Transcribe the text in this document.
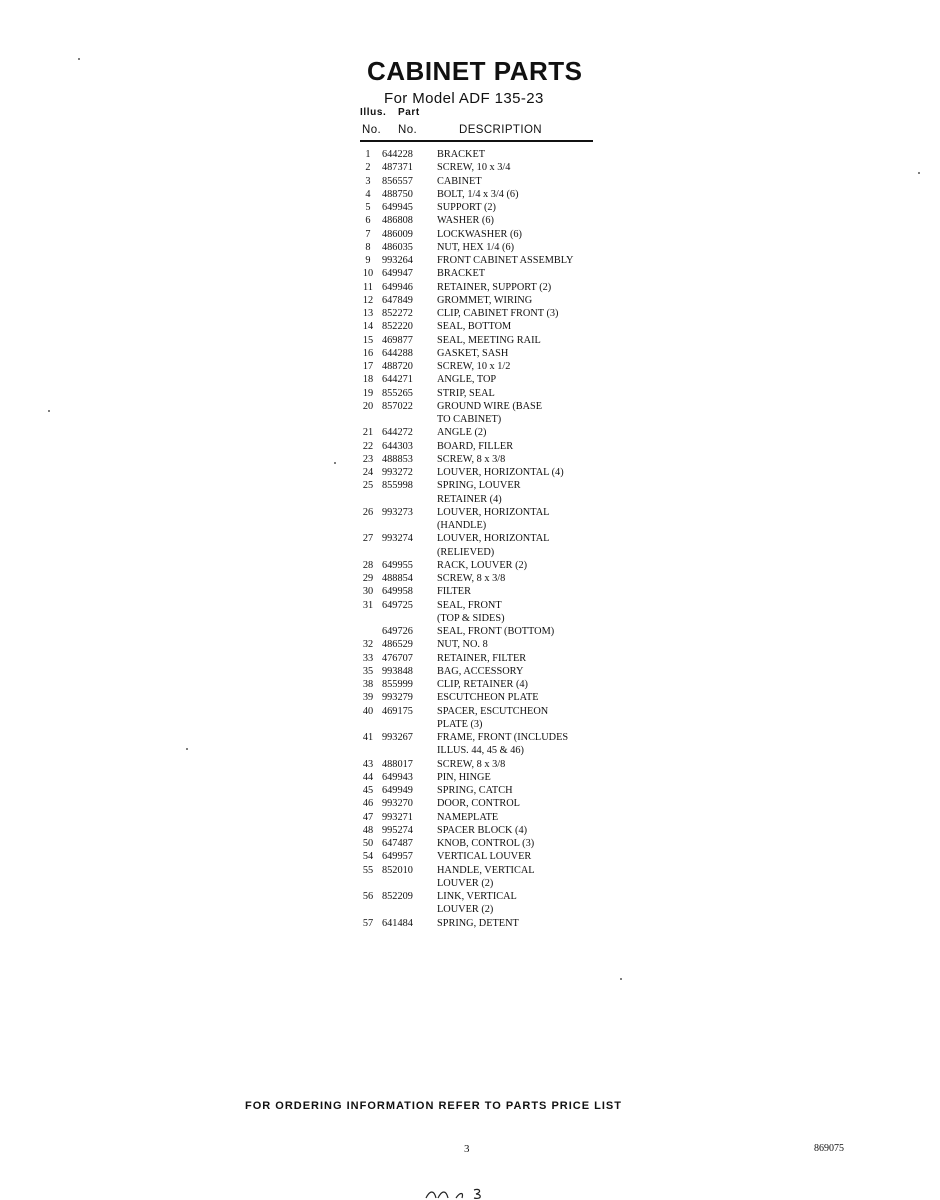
CABINET PARTS
For Model ADF 135-23
Illus. Part
No. No.	DESCRIPTION
1	644228	BRACKET
2	487371	SCREW, 10 x 3/4
3	856557	CABINET
4	488750	BOLT, 1/4 x 3/4 (6)
5	649945	SUPPORT (2)
6	486808	WASHER (6)
7	486009	LOCKWASHER (6)
8	486035	NUT, HEX 1/4 (6)
9	993264	FRONT CABINET ASSEMBLY
10 649947	BRACKET
11 649946	RETAINER, SUPPORT (2)
12 647849	GROMMET, WIRING
13 852272	CLIP, CABINET FRONT (3)
14 852220	SEAL, BOTTOM
15 469877	SEAL, MEETING RAIL
16 644288	GASKET, SASH
17 488720	SCREW, 10 x 1/2
18 644271	ANGLE, TOP
19 855265	STRIP, SEAL
20 857022	GROUND WIRE (BASE
TO CABINET)
21 644272	ANGLE (2)
22 644303	BOARD, FILLER
23 488853	SCREW, 8 x 3/8
24 993272	LOUVER, HORIZONTAL (4)
25 855998	SPRING, LOUVER
RETAINER (4)
26 993273	LOUVER, HORIZONTAL
(HANDLE)
27 993274	LOUVER, HORIZONTAL
(RELIEVED)
28 649955	RACK, LOUVER (2)
29 488854	SCREW, 8 x 3/8
30 649958	FILTER
31 649725	SEAL, FRONT
(TOP & SIDES)
649726	SEAL, FRONT (BOTTOM)
32 486529	NUT, NO. 8
33 476707	RETAINER, FILTER
35 993848	BAG, ACCESSORY
38 855999	CLIP, RETAINER (4)
39 993279	ESCUTCHEON PLATE
40 469175	SPACER, ESCUTCHEON
PLATE (3)
41 993267	FRAME, FRONT (INCLUDES
ILLUS. 44, 45 & 46)
43 488017	SCREW, 8 x 3/8
44 649943	PIN, HINGE
45 649949	SPRING, CATCH
46 993270	DOOR, CONTROL
47 993271	NAMEPLATE
48 995274	SPACER BLOCK (4)
50 647487	KNOB, CONTROL (3)
54 649957	VERTICAL LOUVER
55 852010	HANDLE, VERTICAL
LOUVER (2)
56 852209	LINK, VERTICAL
LOUVER (2)
57 641484	SPRING, DETENT
FOR ORDERING INFORMATION REFER TO PARTS PRICE LIST
3	869075
